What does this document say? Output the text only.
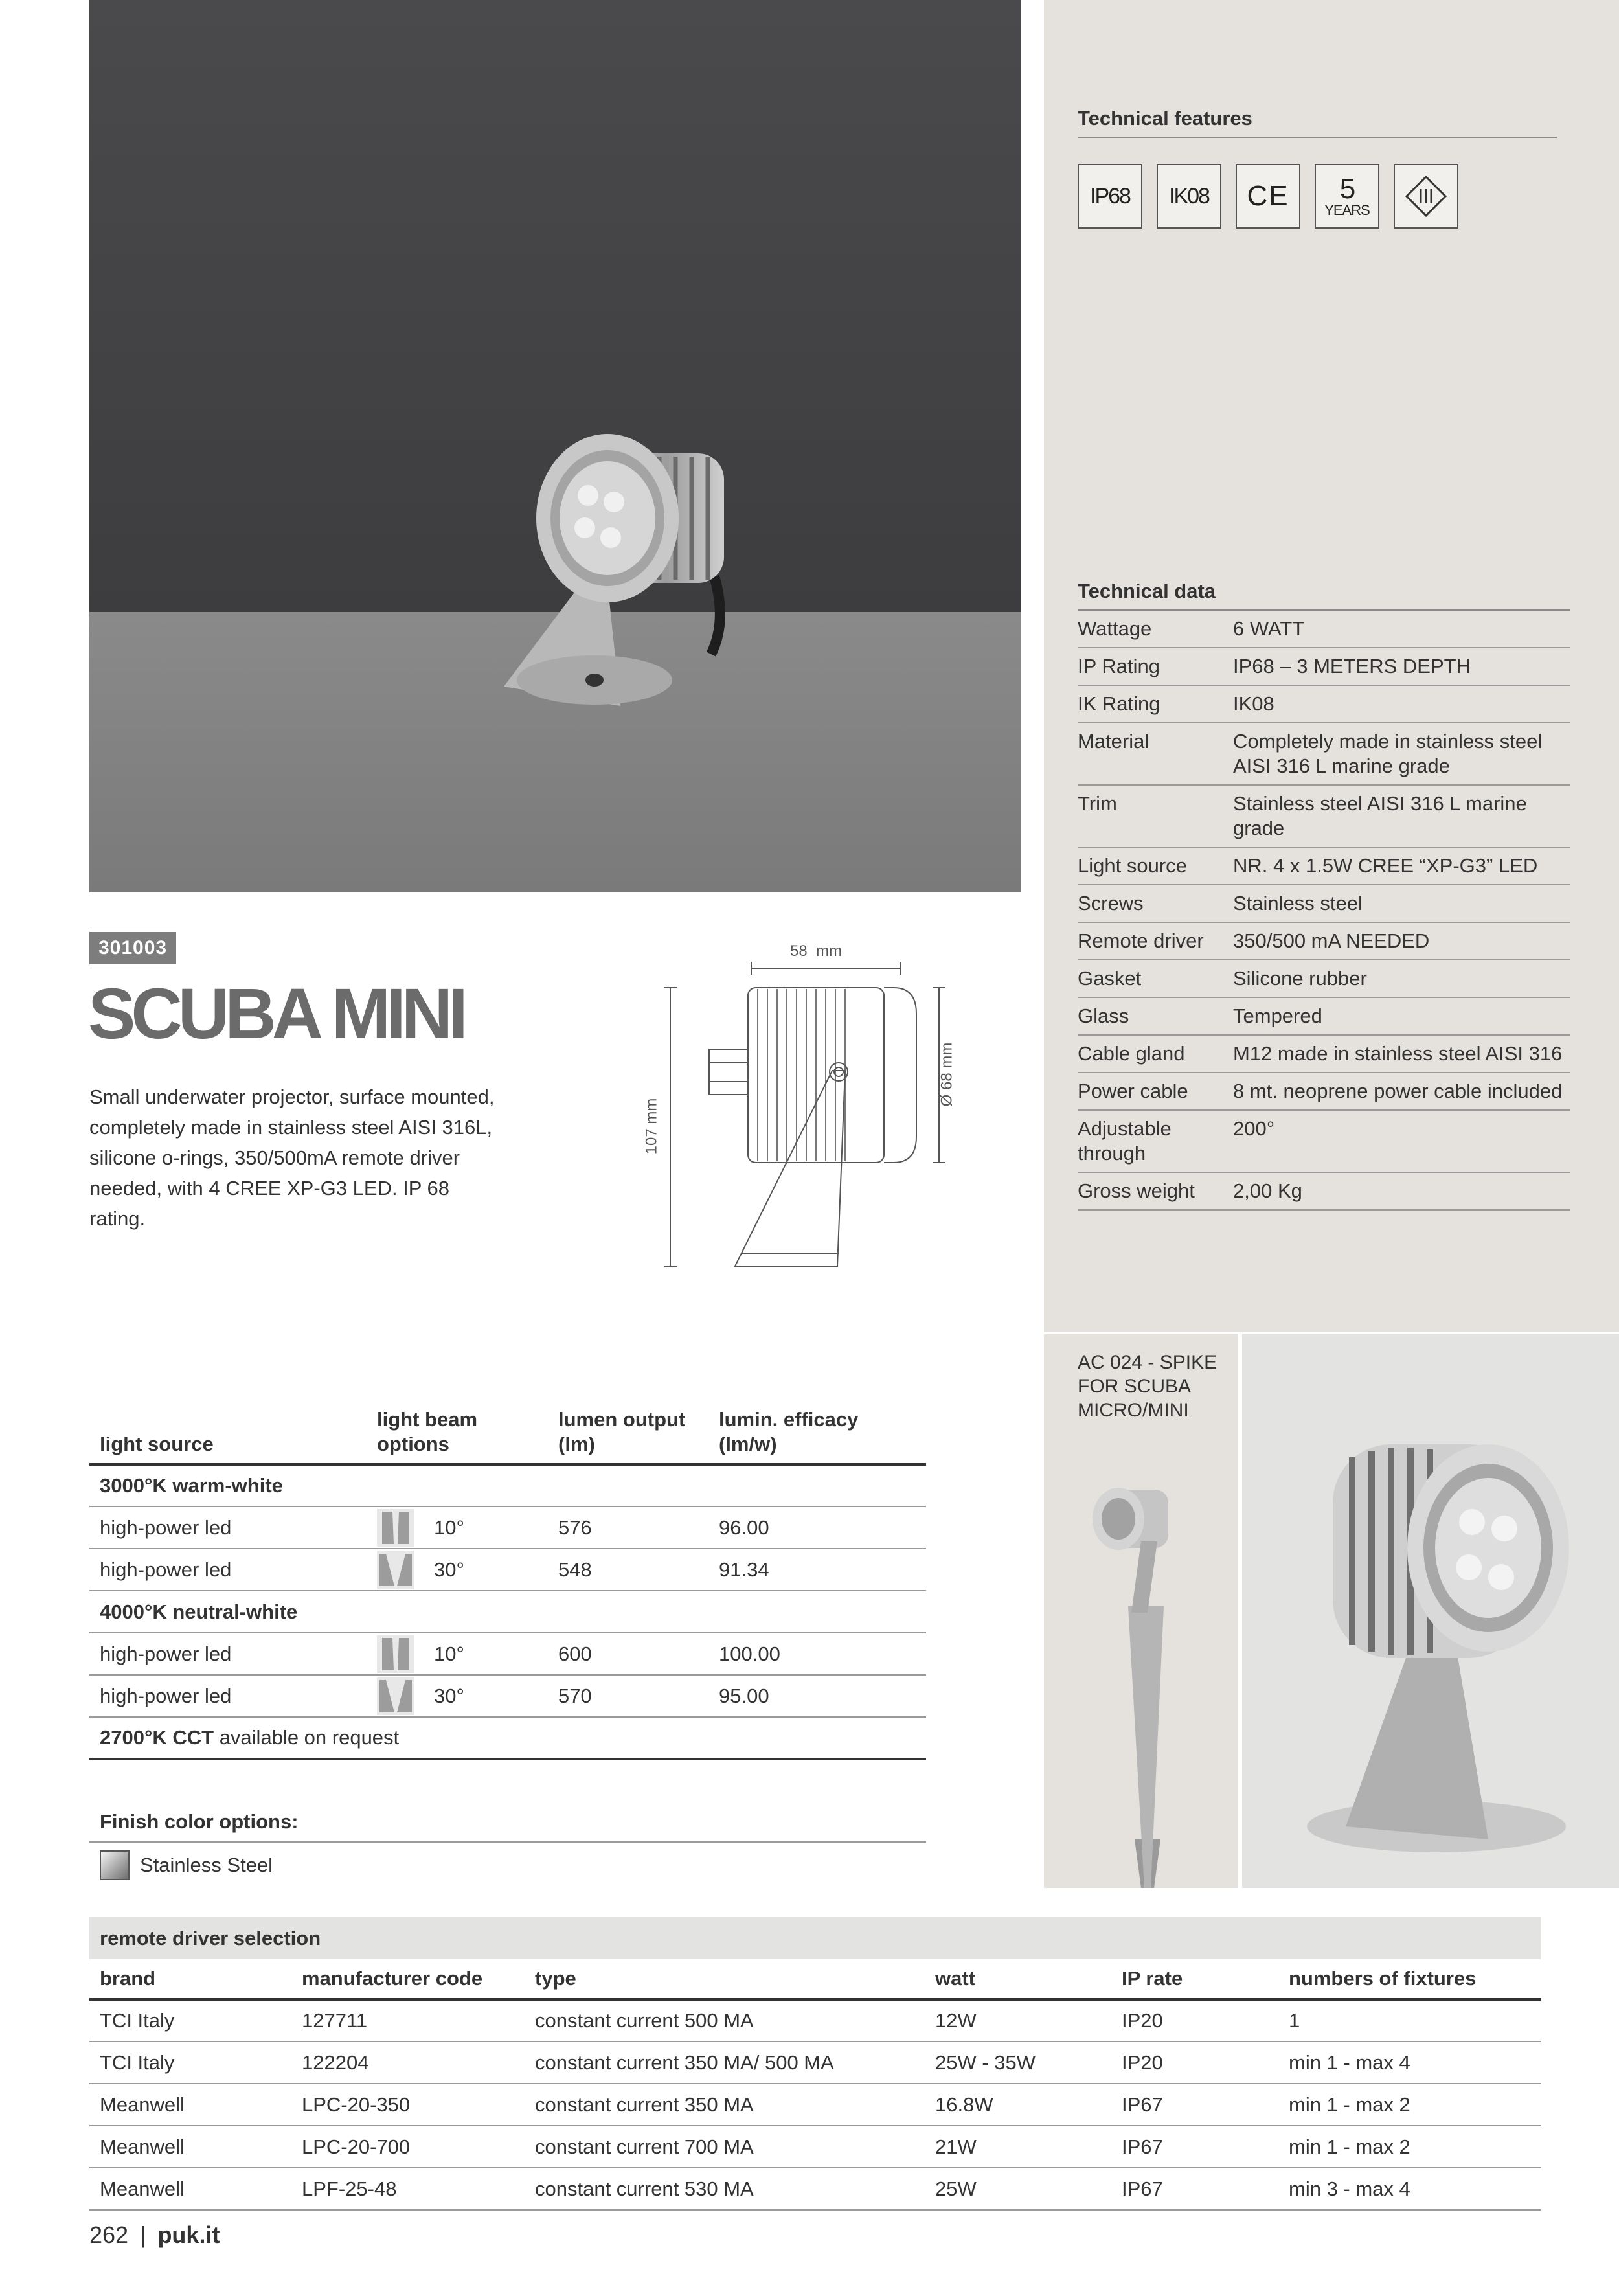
Technical features
IP68 IK08 CE 5
YEARS
Technical data
Wattage	6 WATT
IP Rating	IP68 – 3 METERS DEPTH
IK Rating	IK08
Material	Completely made in stainless steel AISI 316 L marine grade
Trim	Stainless steel AISI 316 L marine grade
Light source	NR. 4 x 1.5W CREE “XP-G3” LED
Screws	Stainless steel
Remote driver	350/500 mA NEEDED
Gasket	Silicone rubber
Glass	Tempered
Cable gland	M12 made in stainless steel AISI 316
Power cable	8 mt. neoprene power cable included
Adjustable through	200°
Gross weight	2,00 Kg
301003
SCUBA MINI
Small underwater projector, surface mounted, completely made in stainless steel AISI 316L, silicone o-rings, 350/500mA remote driver needed, with 4 CREE XP-G3 LED. IP 68 rating.
58  mm
107 mm
Ø 68 mm
light source	light beam options	lumen output (lm)	lumin. efficacy (lm/w)
3000°K warm-white			
high-power led	10°	576	96.00
high-power led	30°	548	91.34
4000°K neutral-white			
high-power led	10°	600	100.00
high-power led	30°	570	95.00
2700°K CCT available on request			
Finish color options:
Stainless Steel
AC 024 - SPIKE FOR SCUBA MICRO/MINI
remote driver selection
brand	manufacturer code	type	watt	IP rate	numbers of fixtures
TCI Italy	127711	constant current 500 MA	12W	IP20	1
TCI Italy	122204	constant current 350 MA/ 500 MA	25W - 35W	IP20	min 1 - max 4
Meanwell	LPC-20-350	constant current 350 MA	16.8W	IP67	min 1 - max 2
Meanwell	LPC-20-700	constant current 700 MA	21W	IP67	min 1 - max 2
Meanwell	LPF-25-48	constant current 530 MA	25W	IP67	min 3 - max 4
262 | puk.it
